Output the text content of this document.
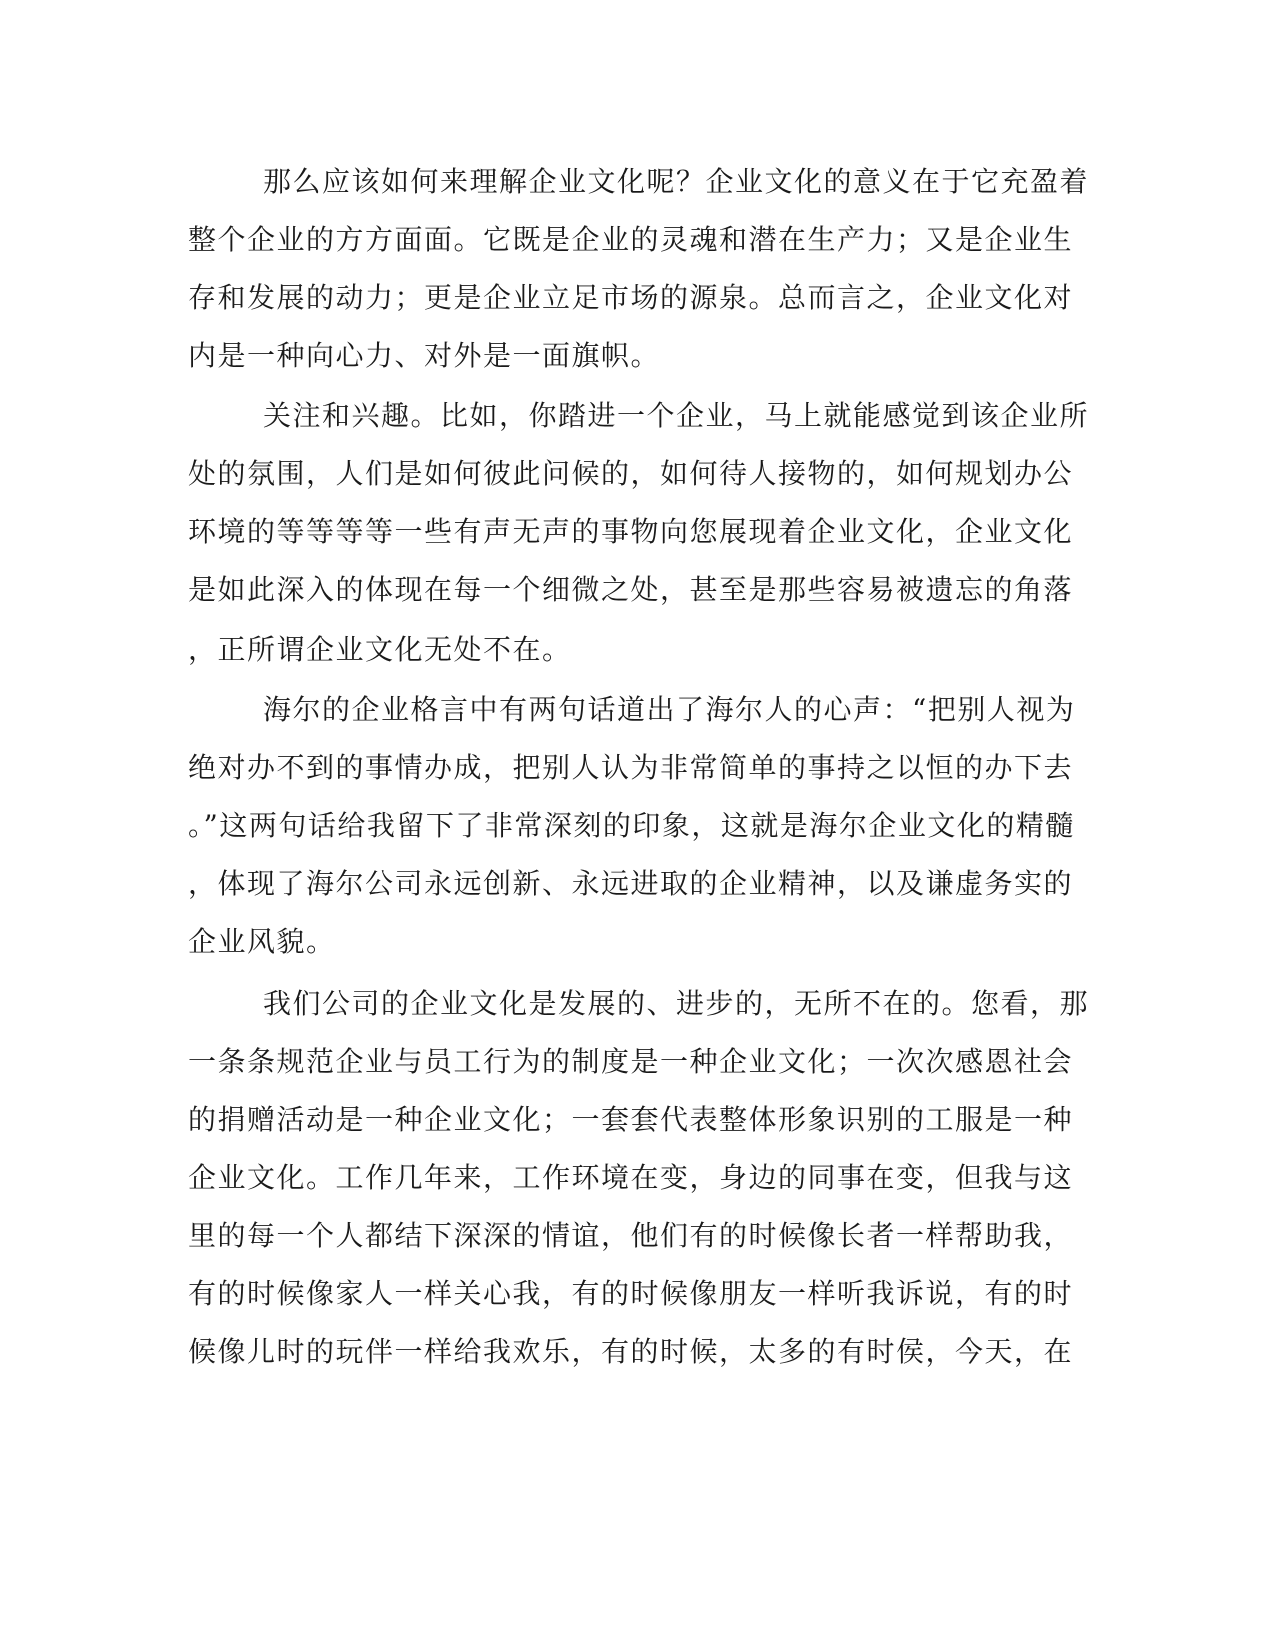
那么应该如何来理解企业文化呢？企业文化的意义在于它充盈着
整个企业的方方面面。它既是企业的灵魂和潜在生产力；又是企业生
存和发展的动力；更是企业立足市场的源泉。总而言之，企业文化对
内是一种向心力、对外是一面旗帜。
关注和兴趣。比如，你踏进一个企业，马上就能感觉到该企业所
处的氛围，人们是如何彼此问候的，如何待人接物的，如何规划办公
环境的等等等等一些有声无声的事物向您展现着企业文化，企业文化
是如此深入的体现在每一个细微之处，甚至是那些容易被遗忘的角落
，正所谓企业文化无处不在。
海尔的企业格言中有两句话道出了海尔人的心声：“把别人视为
绝对办不到的事情办成，把别人认为非常简单的事持之以恒的办下去
。”这两句话给我留下了非常深刻的印象，这就是海尔企业文化的精髓
，体现了海尔公司永远创新、永远进取的企业精神，以及谦虚务实的
企业风貌。
我们公司的企业文化是发展的、进步的，无所不在的。您看，那
一条条规范企业与员工行为的制度是一种企业文化；一次次感恩社会
的捐赠活动是一种企业文化；一套套代表整体形象识别的工服是一种
企业文化。工作几年来，工作环境在变，身边的同事在变，但我与这
里的每一个人都结下深深的情谊，他们有的时候像长者一样帮助我，
有的时候像家人一样关心我，有的时候像朋友一样听我诉说，有的时
候像儿时的玩伴一样给我欢乐，有的时候，太多的有时侯，今天，在
